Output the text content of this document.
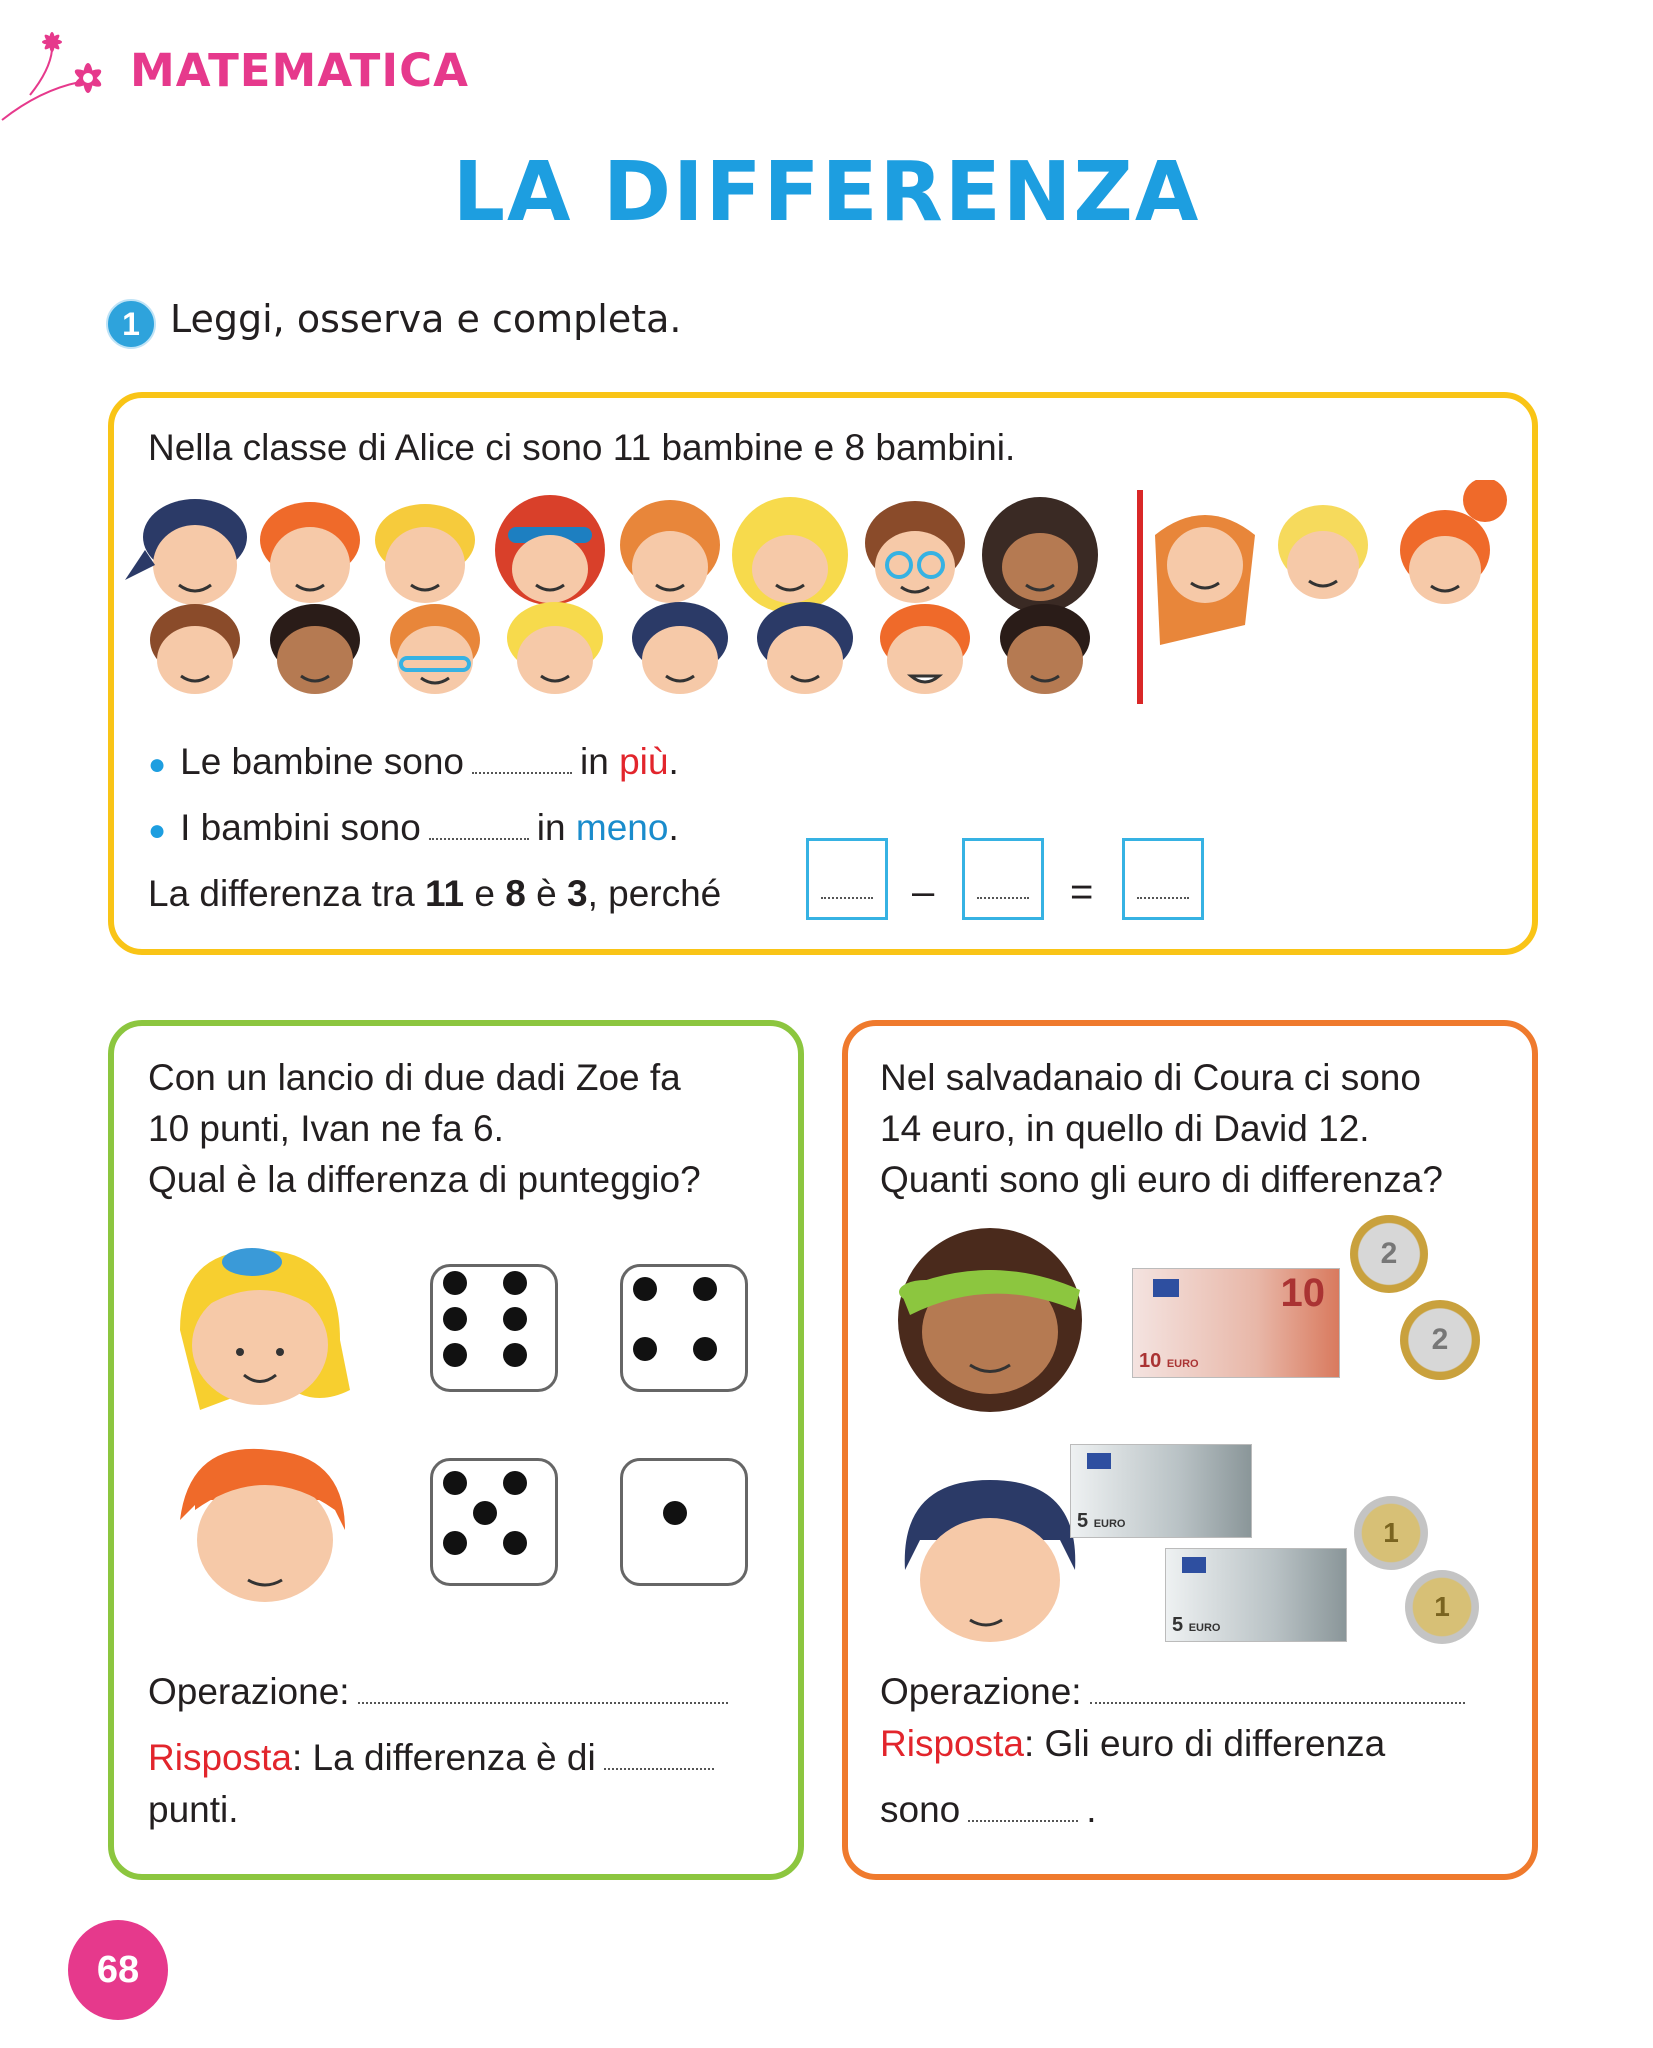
MATEMATICA
LA DIFFERENZA
1 Leggi, osserva e completa.
Nella classe di Alice ci sono 11 bambine e 8 bambini.
● Le bambine sono	in più.
● I bambini sono	in meno.
La differenza tra 11 e 8 è 3, perché	–	=
Con un lancio di due dadi Zoe fa
10 punti, Ivan ne fa 6.
Qual è la differenza di punteggio?
Operazione:
Risposta: La differenza è di
punti.
Nel salvadanaio di Coura ci sono
14 euro, in quello di David 12.
Quanti sono gli euro di differenza?
10
10 EURO
5 EURO
5 EURO
2
2
1
1
Operazione:
Risposta: Gli euro di differenza
sono	.
68
